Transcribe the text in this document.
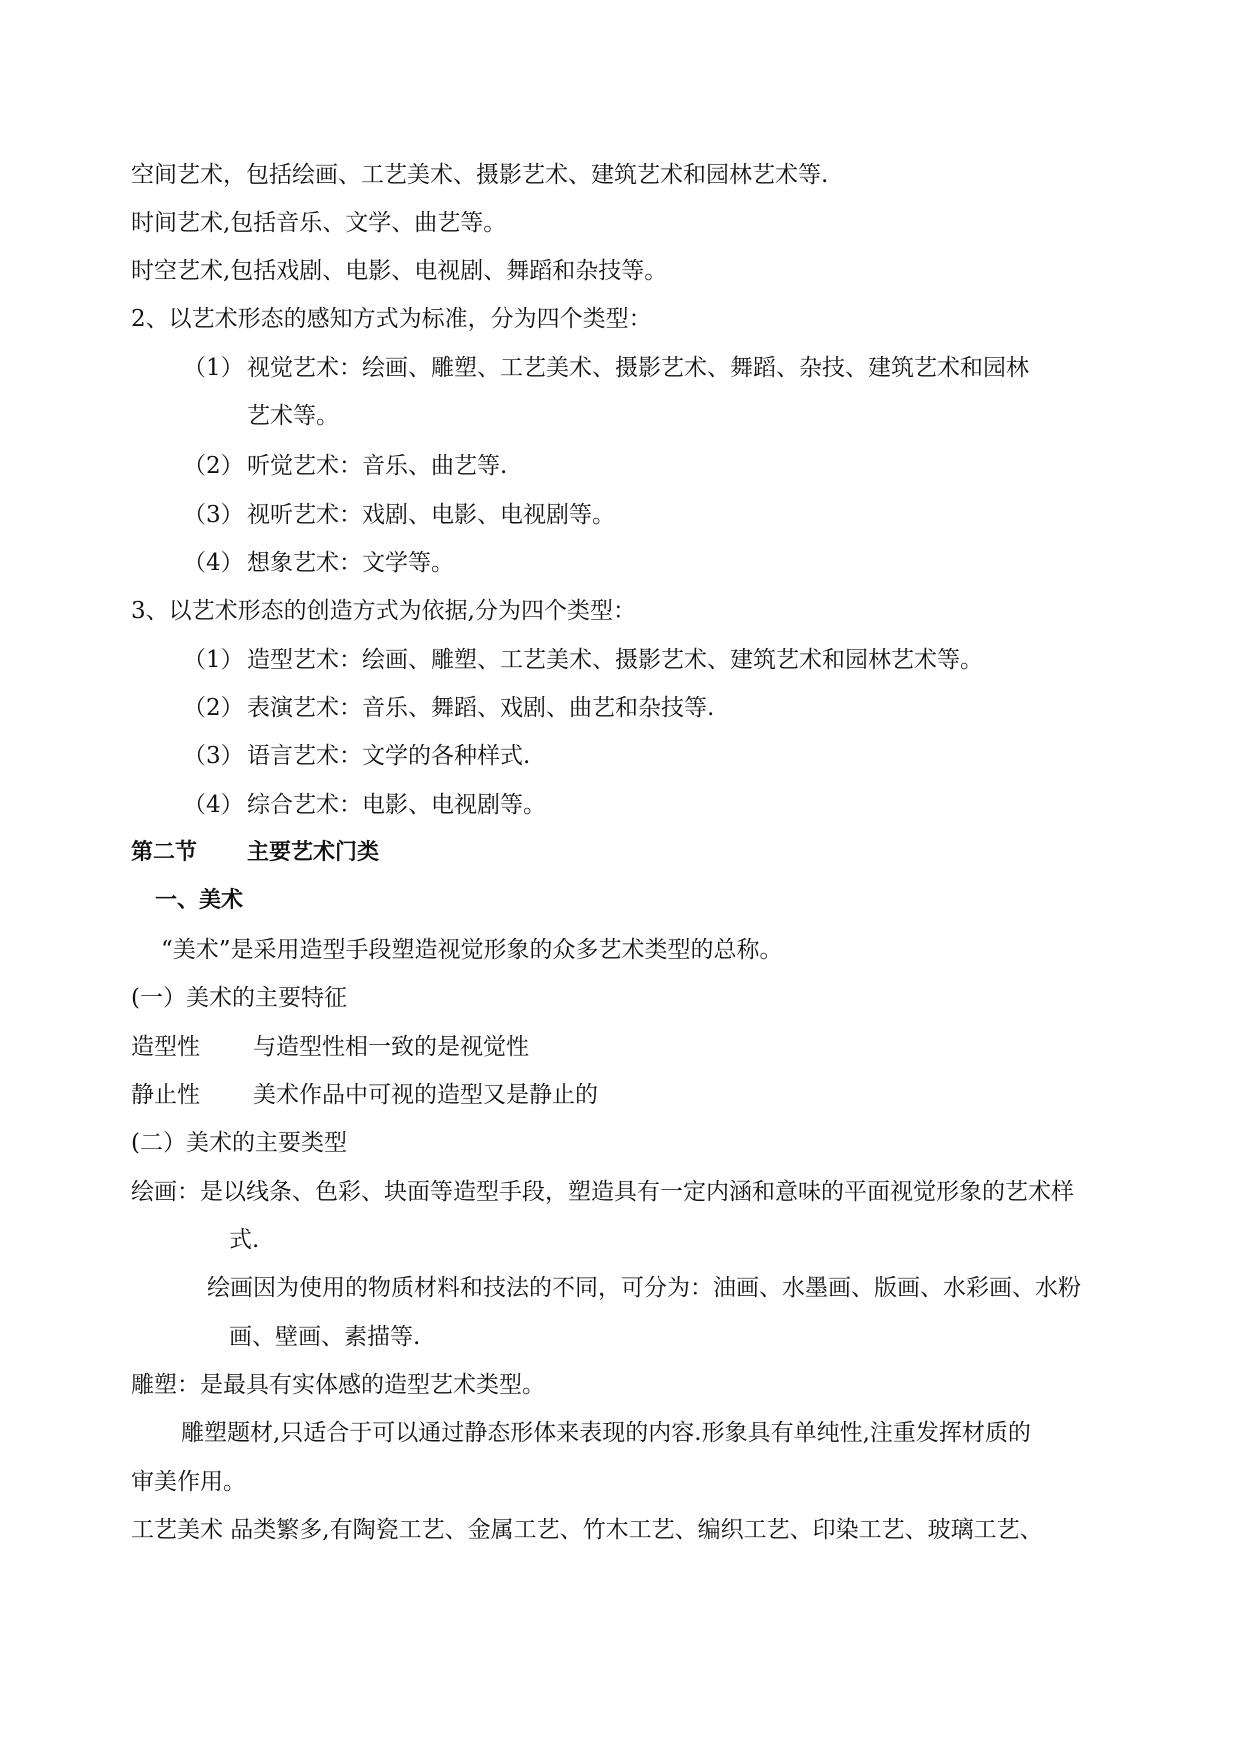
空间艺术，包括绘画、工艺美术、摄影艺术、建筑艺术和园林艺术等.
时间艺术,包括音乐、文学、曲艺等。
时空艺术,包括戏剧、电影、电视剧、舞蹈和杂技等。
2、以艺术形态的感知方式为标准，分为四个类型：
（1） 视觉艺术：绘画、雕塑、工艺美术、摄影艺术、舞蹈、杂技、建筑艺术和园林
艺术等。
（2） 听觉艺术：音乐、曲艺等.
（3） 视听艺术：戏剧、电影、电视剧等。
（4） 想象艺术：文学等。
3、以艺术形态的创造方式为依据,分为四个类型：
（1） 造型艺术：绘画、雕塑、工艺美术、摄影艺术、建筑艺术和园林艺术等。
（2） 表演艺术：音乐、舞蹈、戏剧、曲艺和杂技等.
（3） 语言艺术：文学的各种样式.
（4） 综合艺术：电影、电视剧等。
第二节 主要艺术门类
一、美术
“美术”是采用造型手段塑造视觉形象的众多艺术类型的总称。
(一）美术的主要特征
造型性 与造型性相一致的是视觉性
静止性 美术作品中可视的造型又是静止的
(二）美术的主要类型
绘画：是以线条、色彩、块面等造型手段，塑造具有一定内涵和意味的平面视觉形象的艺术样
式.
绘画因为使用的物质材料和技法的不同，可分为：油画、水墨画、版画、水彩画、水粉
画、壁画、素描等.
雕塑：是最具有实体感的造型艺术类型。
雕塑题材,只适合于可以通过静态形体来表现的内容.形象具有单纯性,注重发挥材质的
审美作用。
工艺美术 品类繁多,有陶瓷工艺、金属工艺、竹木工艺、编织工艺、印染工艺、玻璃工艺、
